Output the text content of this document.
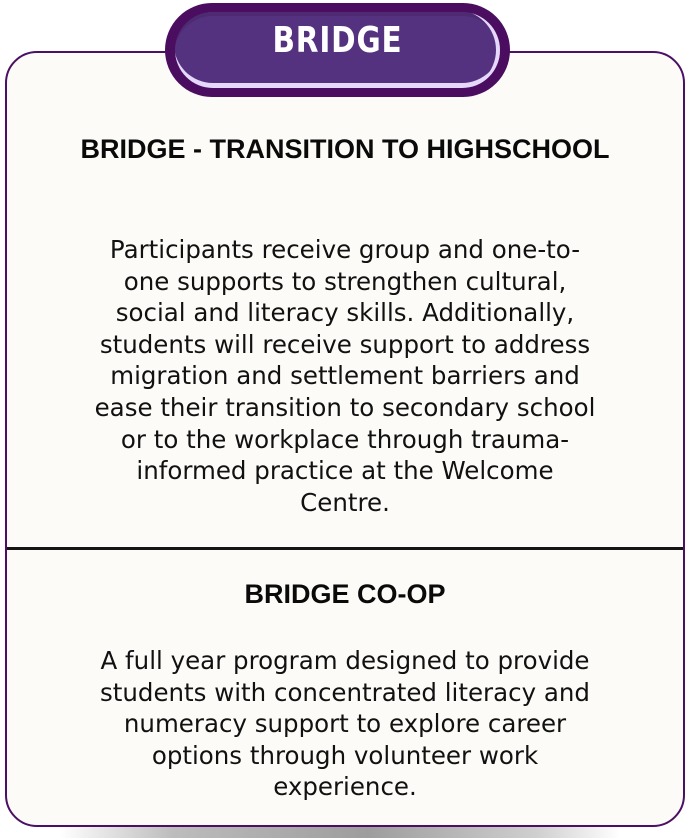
BRIDGE - TRANSITION TO HIGHSCHOOL
Participants receive group and one-to-
one supports to strengthen cultural,
social and literacy skills. Additionally,
students will receive support to address
migration and settlement barriers and
ease their transition to secondary school
or to the workplace through trauma-
informed practice at the Welcome
Centre.
BRIDGE CO-OP
A full year program designed to provide
students with concentrated literacy and
numeracy support to explore career
options through volunteer work
experience.
BRIDGE
